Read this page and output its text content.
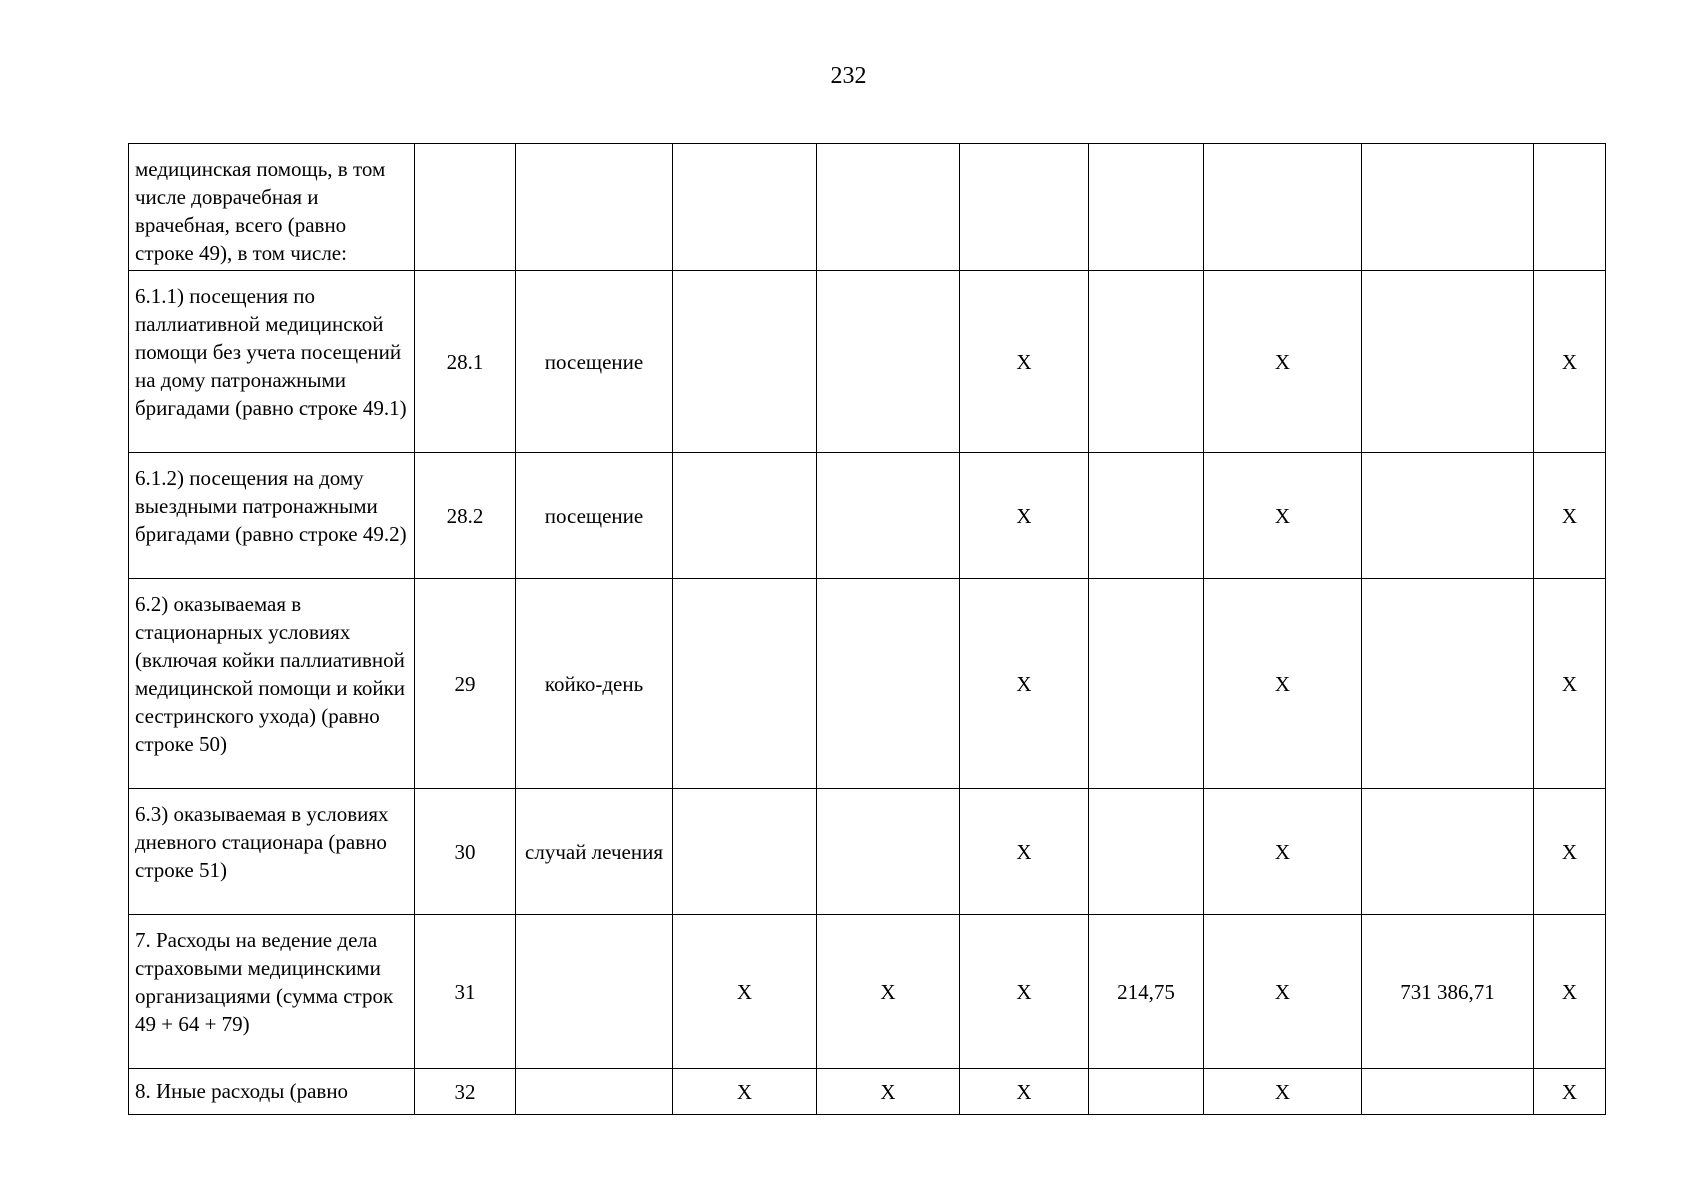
232
медицинская помощь, в том числе доврачебная и врачебная, всего (равно строке 49), в том числе:									
6.1.1) посещения по паллиативной медицинской помощи без учета посещений на дому патронажными бригадами (равно строке 49.1)	28.1	посещение			X		X		X
6.1.2) посещения на дому выездными патронажными бригадами (равно строке 49.2)	28.2	посещение			X		X		X
6.2) оказываемая в стационарных условиях (включая койки паллиативной медицинской помощи и койки сестринского ухода) (равно строке 50)	29	койко-день			X		X		X
6.3) оказываемая в условиях дневного стационара (равно строке 51)	30	случай лечения			X		X		X
7. Расходы на ведение дела страховыми медицинскими организациями (сумма строк 49 + 64 + 79)	31		X	X	X	214,75	X	731 386,71	X
8. Иные расходы (равно	32		X	X	X		X		X
